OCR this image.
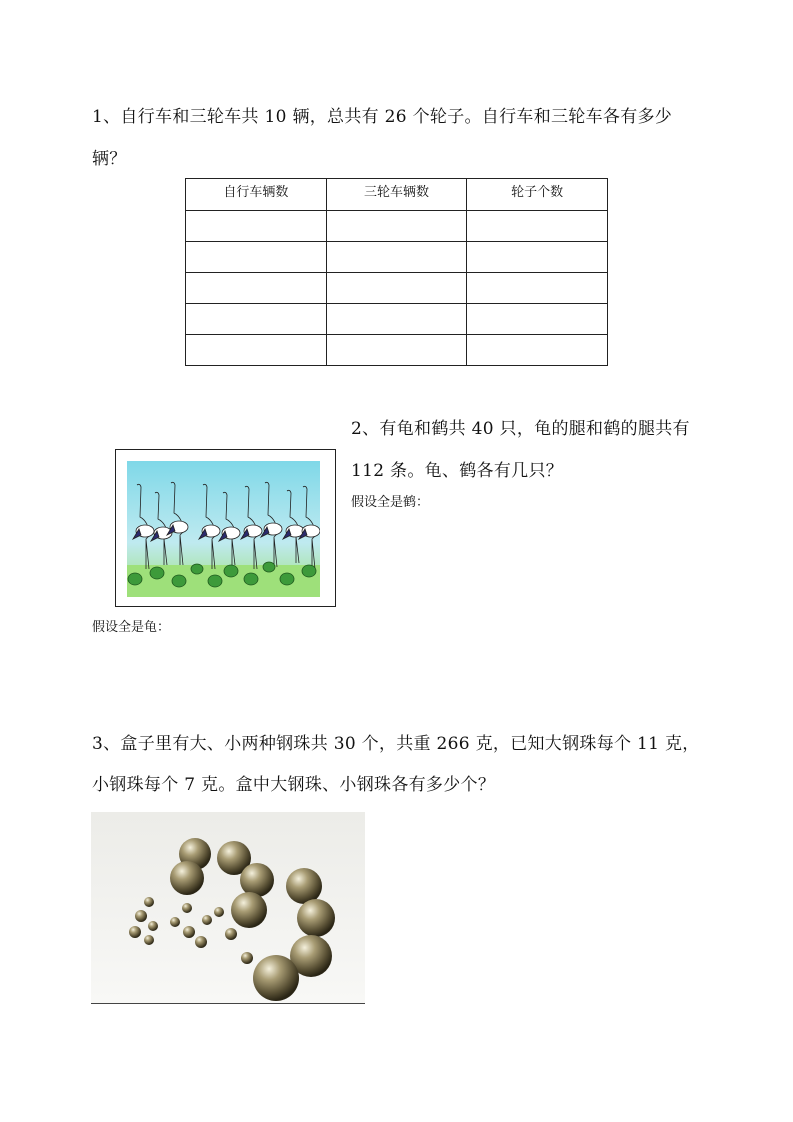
1、自行车和三轮车共 10 辆，总共有 26 个轮子。自行车和三轮车各有多少
辆？
自行车辆数	三轮车辆数	轮子个数

2、有龟和鹤共 40 只，龟的腿和鹤的腿共有
112 条。龟、鹤各有几只？
假设全是鹤：
假设全是龟：
3、盒子里有大、小两种钢珠共 30 个，共重 266 克，已知大钢珠每个 11 克，
小钢珠每个 7 克。盒中大钢珠、小钢珠各有多少个？
